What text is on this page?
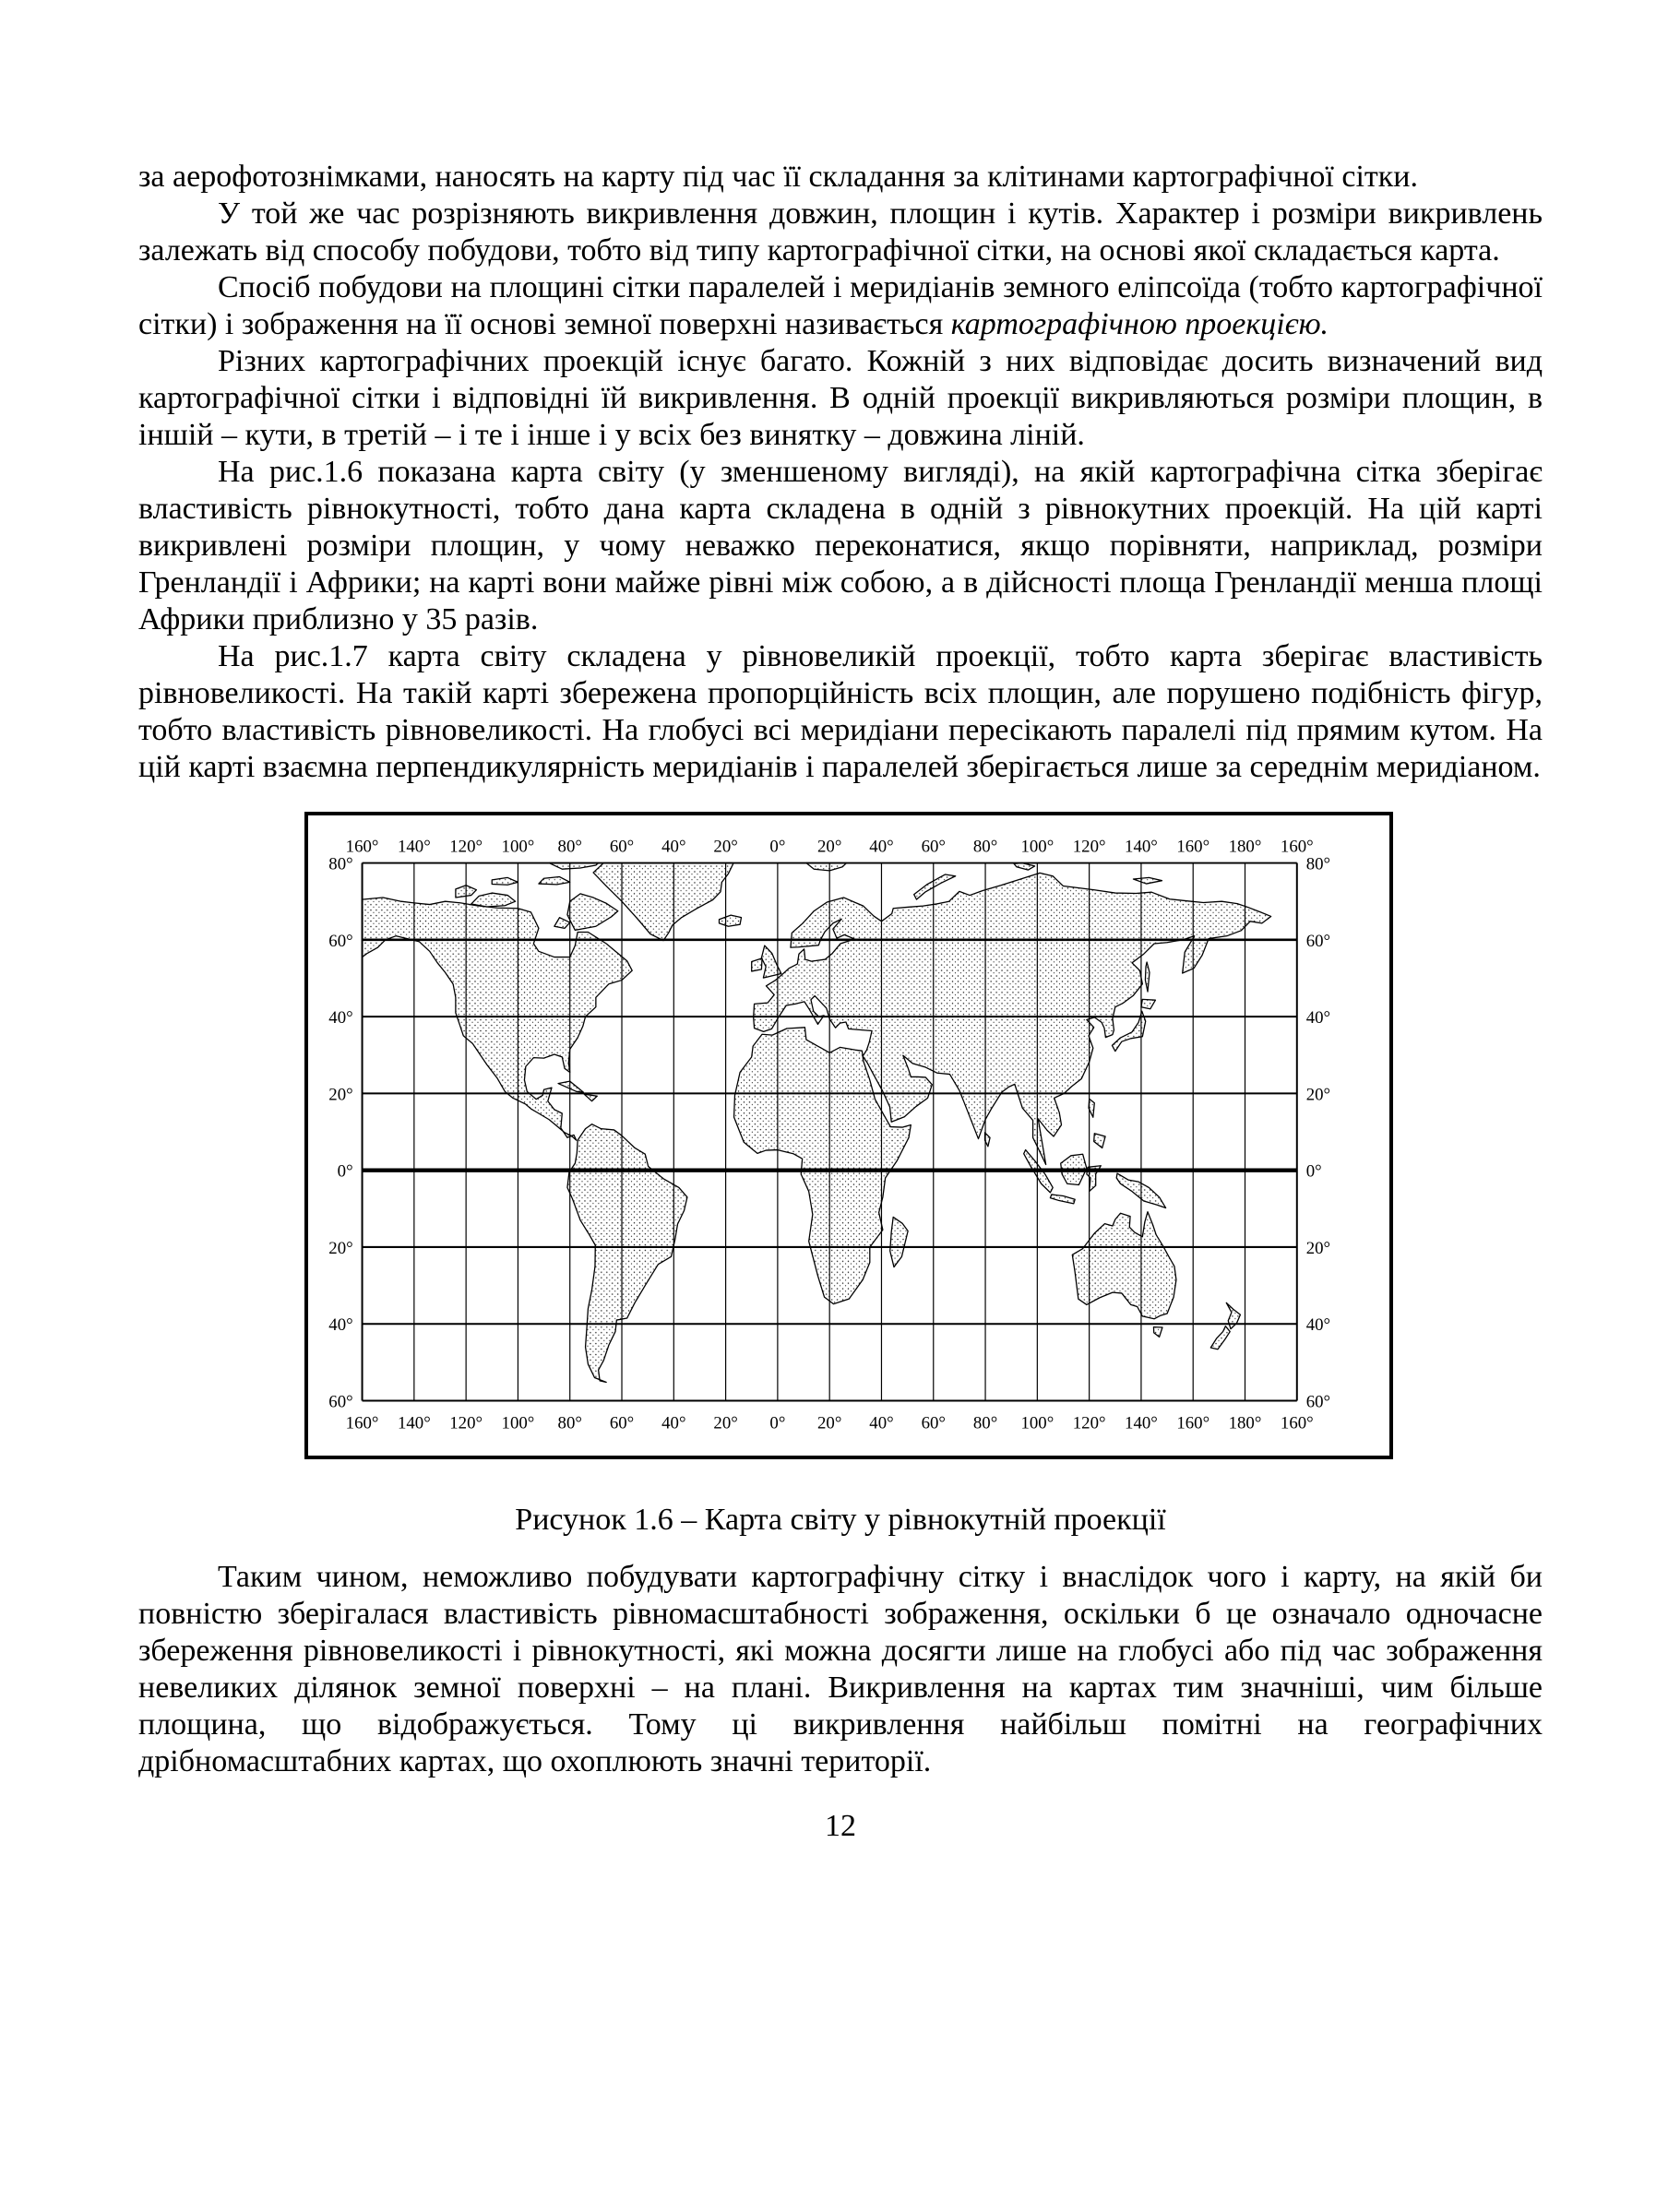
за аерофотознімками, наносять на карту під час її складання за клітинами картографічної сітки.

У той же час розрізняють викривлення довжин, площин і кутів. Характер і розміри викривлень залежать від способу побудови, тобто від типу картографічної сітки, на основі якої складається карта.

Спосіб побудови на площині сітки паралелей і меридіанів земного еліпсоїда (тобто картографічної сітки) і зображення на її основі земної поверхні називається картографічною проекцією.

Різних картографічних проекцій існує багато. Кожній з них відповідає досить визначений вид картографічної сітки і відповідні їй викривлення. В одній проекції викривляються розміри площин, в іншій – кути, в третій – і те і інше і у всіх без винятку – довжина ліній.

На рис.1.6 показана карта світу (у зменшеному вигляді), на якій картографічна сітка зберігає властивість рівнокутності, тобто дана карта складена в одній з рівнокутних проекцій. На цій карті викривлені розміри площин, у чому неважко переконатися, якщо порівняти, наприклад, розміри Гренландії і Африки; на карті вони майже рівні між собою, а в дійсності площа Гренландії менша площі Африки приблизно у 35 разів.

На рис.1.7 карта світу складена у рівновеликій проекції, тобто карта зберігає властивість рівновеликості. На такій карті збережена пропорційність всіх площин, але порушено подібність фігур, тобто властивість рівновеликості. На глобусі всі меридіани пересікають паралелі під прямим кутом. На цій карті взаємна перпендикулярність меридіанів і паралелей зберігається лише за середнім меридіаном.

160°
160°
140°
140°
120°
120°
100°
100°
80°
80°
60°
60°
40°
40°
20°
20°
0°
0°
20°
20°
40°
40°
60°
60°
80°
80°
100°
100°
120°
120°
140°
140°
160°
160°
180°
180°
160°
160°
80°	80°
60°	60°
40°	40°
20°	20°
0°	0°
20°	20°
40°	40°
60°	60°

Рисунок 1.6 – Карта світу у рівнокутній проекції

Таким чином, неможливо побудувати картографічну сітку і внаслідок чого і карту, на якій би повністю зберігалася властивість рівномасштабності зображення, оскільки б це означало одночасне збереження рівновеликості і рівнокутності, які можна досягти лише на глобусі або під час зображення невеликих ділянок земної поверхні – на плані. Викривлення на картах тим значніші, чим більше площина, що відображується. Тому ці викривлення найбільш помітні на географічних дрібномасштабних картах, що охоплюють значні території.

12
